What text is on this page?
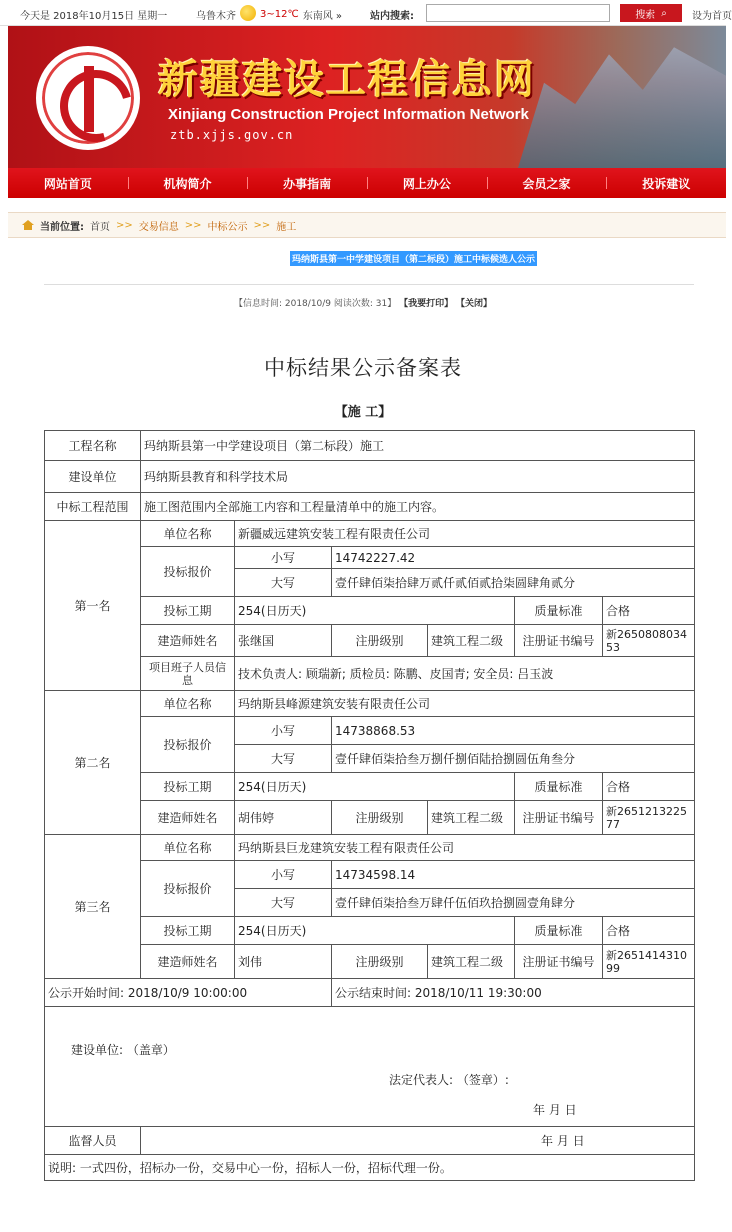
今天是 2018年10月15日 星期一	乌鲁木齐 3~12℃ 东南风 »	站内搜索:	搜索 ⌕	设为首页
新疆建设工程信息网
Xinjiang Construction Project Information Network
ztb.xjjs.gov.cn
网站首页	机构简介	办事指南	网上办公	会员之家	投诉建议
当前位置: 首页 >> 交易信息 >> 中标公示 >> 施工
玛纳斯县第一中学建设项目（第二标段）施工中标候选人公示
【信息时间: 2018/10/9 阅读次数: 31】 【我要打印】 【关闭】
中标结果公示备案表
【施 工】
工程名称	玛纳斯县第一中学建设项目（第二标段）施工					
建设单位	玛纳斯县教育和科学技术局					
中标工程范围	施工图范围内全部施工内容和工程量清单中的施工内容。					
第一名	单位名称	新疆威远建筑安装工程有限责任公司				
	投标报价	小写	14742227.42			
		大写	壹仟肆佰柒拾肆万贰仟贰佰贰拾柒圆肆角贰分			
	投标工期	254(日历天)			质量标准	合格
	建造师姓名	张继国	注册级别	建筑工程二级	注册证书编号	新265080803453
	项目班子人员信息	技术负责人: 顾瑞新; 质检员: 陈鹏、皮国青; 安全员: 吕玉波				
第二名	单位名称	玛纳斯县峰源建筑安装有限责任公司				
	投标报价	小写	14738868.53			
		大写	壹仟肆佰柒拾叁万捌仟捌佰陆拾捌圆伍角叁分			
	投标工期	254(日历天)			质量标准	合格
	建造师姓名	胡伟婷	注册级别	建筑工程二级	注册证书编号	新265121322577
第三名	单位名称	玛纳斯县巨龙建筑安装工程有限责任公司				
	投标报价	小写	14734598.14			
		大写	壹仟肆佰柒拾叁万肆仟伍佰玖拾捌圆壹角肆分			
	投标工期	254(日历天)			质量标准	合格
	建造师姓名	刘伟	注册级别	建筑工程二级	注册证书编号	新265141431099
公示开始时间: 2018/10/9 10:00:00			公示结束时间: 2018/10/11 19:30:00			

建设单位: （盖章）
法定代表人: （签章）:
年 月 日						

监督人员	年 月 日					
说明: 一式四份，招标办一份，交易中心一份，招标人一份，招标代理一份。						
